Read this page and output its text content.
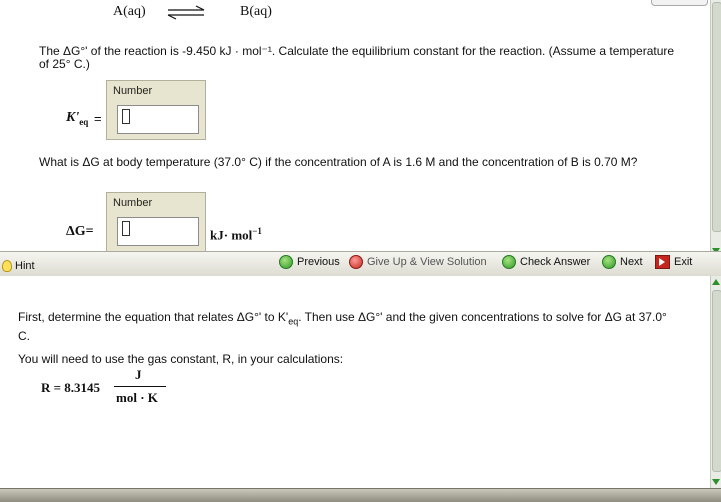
A(aq)	B(aq)
The ΔG°' of the reaction is -9.450 kJ · mol⁻¹. Calculate the equilibrium constant for the reaction. (Assume a temperature of 25° C.)
$K'_{eq}$ =
Number
What is ΔG at body temperature (37.0° C) if the concentration of A is 1.6 M and the concentration of B is 0.70 M?
ΔG=
Number
kJ· mol$^{-1}$
Previous Give Up & View Solution	Check Answer	Next	Exit
Hint
First, determine the equation that relates ΔG°' to $K'_{eq}$. Then use ΔG°' and the given concentrations to solve for ΔG at 37.0° C.
You will need to use the gas constant, R, in your calculations:
R = 8.3145
J
mol · K
